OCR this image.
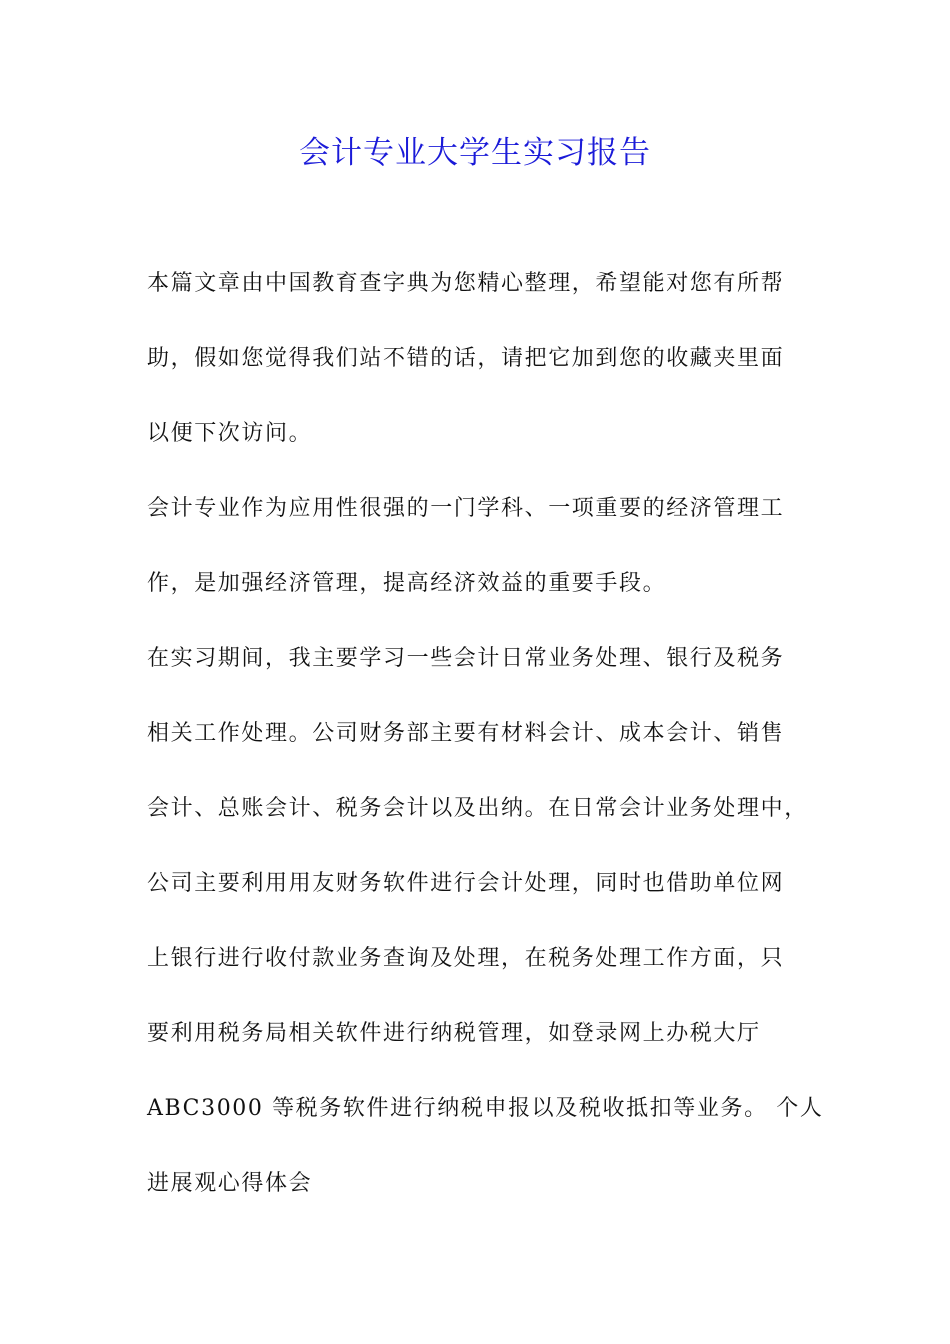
会计专业大学生实习报告
本篇文章由中国教育查字典为您精心整理，希望能对您有所帮
助，假如您觉得我们站不错的话，请把它加到您的收藏夹里面
以便下次访问。
会计专业作为应用性很强的一门学科、一项重要的经济管理工
作，是加强经济管理，提高经济效益的重要手段。
在实习期间，我主要学习一些会计日常业务处理、银行及税务
相关工作处理。公司财务部主要有材料会计、成本会计、销售
会计、总账会计、税务会计以及出纳。在日常会计业务处理中，
公司主要利用用友财务软件进行会计处理，同时也借助单位网
上银行进行收付款业务查询及处理，在税务处理工作方面，只
要利用税务局相关软件进行纳税管理，如登录网上办税大厅
ABC3000 等税务软件进行纳税申报以及税收抵扣等业务。 个人
进展观心得体会
